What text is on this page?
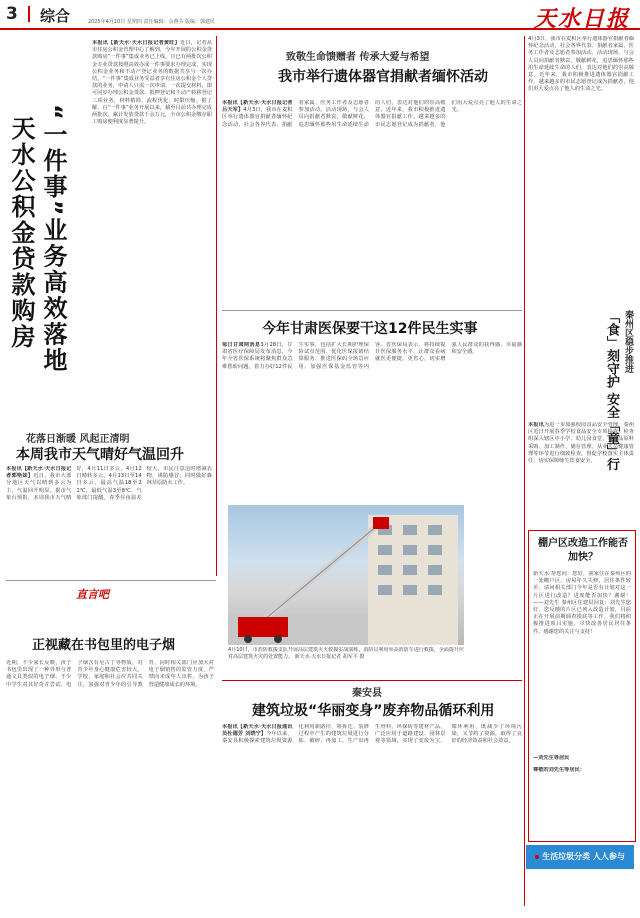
3 综合	2025年4月10日 星期四 责任编辑：余燕芬 版编：郭建民	天水日报
天水公积金贷款购房 “一件事”业务高效落地
本报讯【新天水·天水日报记者黄旺】近日，记者从市住房公积金管理中心了解到，今年开展的公积金贷款购房“一件事”集成业务已上线，且已有两批次公积金专业贷款按照高效办成一件事要求办理完成，实现公积金业务和不动产登记业务的数据共享与一次办结。“一件事”集成业务受益者享有住房公积金个人贷款的业务，申请人只需一次申请、一次提交材料，即可同步办理公积金贷款、抵押登记和不动产转移登记三项业务，材料精简、流程优化、时限压缩。据了解，自“一件事”业务开展以来，截至目前共办理完成两批次，累计发放贷款千余万元，全市公积金缴存职工购房便利度显著提升。
花落日渐暖 风起正清明
本周我市天气晴好气温回升
本报讯【新天水·天水日报记者郭艳妹】近日，我市大部分地区天气以晴到多云为主，气温回升明显。据市气象台预报，本周我市天气晴好，4月11日多云，4月12日晴转多云，4月13日至14日多云，最高气温18至21℃，最低气温3至8℃。气象部门提醒，春季昼夜温差较大，市民注意适时增减衣物，谨防感冒；同时做好森林草原防火工作。
直言吧
正视藏在书包里的电子烟
近期，不少家长反映，孩子书包里出现了一种外形与普通文具类似的电子烟，不少中学生对其好奇并尝试。电子烟含有尼古丁等物质，对青少年身心健康危害较大。学校、家庭和社会应共同关注，加强对青少年的引导教育，同时相关部门应加大对电子烟销售的监管力度，严禁向未成年人出售，为孩子营造健康成长的环境。
致敬生命馈赠者 传承大爱与希望
我市举行遗体器官捐献者缅怀活动
本报讯【新天水·天水日报记者吕天军】4月3日，我市在麦积区举行遗体器官捐献者缅怀纪念活动，社会各界代表、捐献者家属、医务工作者及志愿者参加活动。活动现场，与会人员向捐献者默哀，敬献鲜花，追思缅怀那些用生命延续生命的人们，表达对他们的崇高敬意。近年来，我市积极推进遗体器官捐献工作，越来越多的市民志愿登记成为捐献者，他们用大爱点亮了他人的生命之光。
今年甘肃医保要干这12件民生实事
每日甘肃网消息3月28日，甘肃省医疗保障局发布消息，今年全省医保系统将聚焦群众急难愁盼问题，着力办好12件民生实事，包括扩大长期护理保险试点范围、优化医保报销结算服务、推进医保码全场景应用、加强医保基金监管等内容。省医保局表示，将持续提升医保服务水平，让群众看病就医更便捷、更省心，切实增强人民群众的获得感、幸福感和安全感。
4月10日，市消防救援支队开展高层建筑灭火救援实战演练，消防员利用举高消防车进行救援，全面提升应对高层建筑火灾的处置能力。 新天水·天水日报记者 胡军平 摄
秦安县
建筑垃圾“华丽变身”废弃物品循环利用
本报讯【新天水·天水日报通讯员杜德芳 刘晓宁】今年以来，秦安县积极探索建筑垃圾资源化利用新路径，将拆迁、装修过程中产生的建筑垃圾进行分拣、破碎、再加工，生产出再生骨料、环保砖等建材产品，广泛应用于道路建设、园林景观等领域，实现了变废为宝、循环利用，既减少了环境污染，又节约了资源，取得了良好的经济效益和社会效益。
4月3日，我市在麦积区举行遗体器官捐献者缅怀纪念活动，社会各界代表、捐献者家属、医务工作者及志愿者参加活动。活动现场，与会人员向捐献者默哀，敬献鲜花，追思缅怀那些用生命延续生命的人们，表达对他们的崇高敬意。近年来，我市积极推进遗体器官捐献工作，越来越多的市民志愿登记成为捐献者，他们用大爱点亮了他人的生命之光。
秦州区稳步推进
「食」刻守护 安全「童」行
本报讯为进一步加强校园食品安全管理，秦州区近日开展春季学校食品安全专项检查，检查组深入辖区中小学、幼儿园食堂，对食品原料采购、加工制作、储存管理、从业人员健康管理等环节进行细致检查，督促学校落实主体责任，切实保障师生饮食安全。
棚户区改造工作能否加快？
新天水·帮您问：您好，我家住在秦州区的一处棚户区，房屋年久失修，居住条件较差，请问相关部门今年是否有计划对这一片区进行改造？进度能否加快？谢谢！——刘先生 秦州区住建局回复：刘先生您好，您反映的片区已列入改造计划，目前正在开展前期调查摸底等工作，我们将积极推进项目实施，尽快改善居民居住条件。感谢您的关注与支持！
—刘先生等居民
尊敬的刘先生等居民：
生活垃圾分类 人人参与
